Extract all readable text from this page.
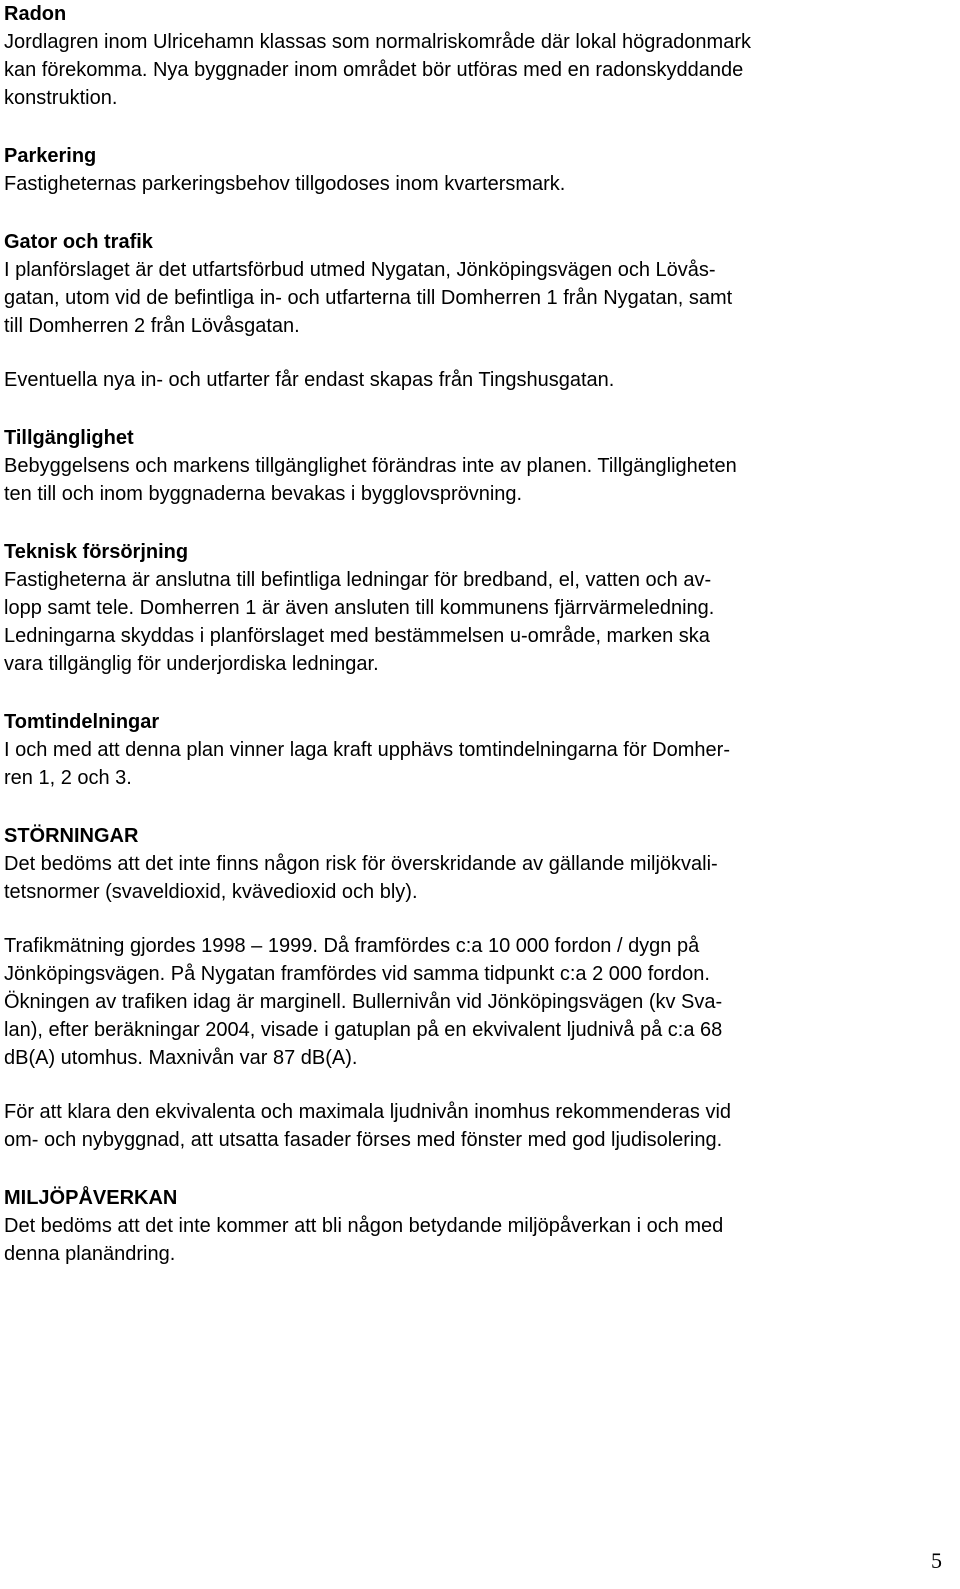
Radon
Jordlagren inom Ulricehamn klassas som normalriskområde där lokal högradonmark
kan förekomma. Nya byggnader inom området bör utföras med en radonskyddande
konstruktion.
Parkering
Fastigheternas parkeringsbehov tillgodoses inom kvartersmark.
Gator och trafik
I planförslaget är det utfartsförbud utmed Nygatan, Jönköpingsvägen och Lövås-
gatan, utom vid de befintliga in- och utfarterna till Domherren 1 från Nygatan, samt
till Domherren 2 från Lövåsgatan.
Eventuella nya in- och utfarter får endast skapas från Tingshusgatan.
Tillgänglighet
Bebyggelsens och markens tillgänglighet förändras inte av planen. Tillgängligheten
ten till och inom byggnaderna bevakas i bygglovsprövning.
Teknisk försörjning
Fastigheterna är anslutna till befintliga ledningar för bredband, el, vatten och av-
lopp samt tele. Domherren 1 är även ansluten till kommunens fjärrvärmeledning.
Ledningarna skyddas i planförslaget med bestämmelsen u-område, marken ska
vara tillgänglig för underjordiska ledningar.
Tomtindelningar
I och med att denna plan vinner laga kraft upphävs tomtindelningarna för Domher-
ren 1, 2 och 3.
STÖRNINGAR
Det bedöms att det inte finns någon risk för överskridande av gällande miljökvali-
tetsnormer (svaveldioxid, kvävedioxid och bly).
Trafikmätning gjordes 1998 – 1999. Då framfördes c:a 10 000 fordon / dygn på
Jönköpingsvägen. På Nygatan framfördes vid samma tidpunkt c:a 2 000 fordon.
Ökningen av trafiken idag är marginell. Bullernivån vid Jönköpingsvägen (kv Sva-
lan), efter beräkningar 2004, visade i gatuplan på en ekvivalent ljudnivå på c:a 68
dB(A) utomhus. Maxnivån var 87 dB(A).
För att klara den ekvivalenta och maximala ljudnivån inomhus rekommenderas vid
om- och nybyggnad, att utsatta fasader förses med fönster med god ljudisolering.
MILJÖPÅVERKAN
Det bedöms att det inte kommer att bli någon betydande miljöpåverkan i och med
denna planändring.
5
